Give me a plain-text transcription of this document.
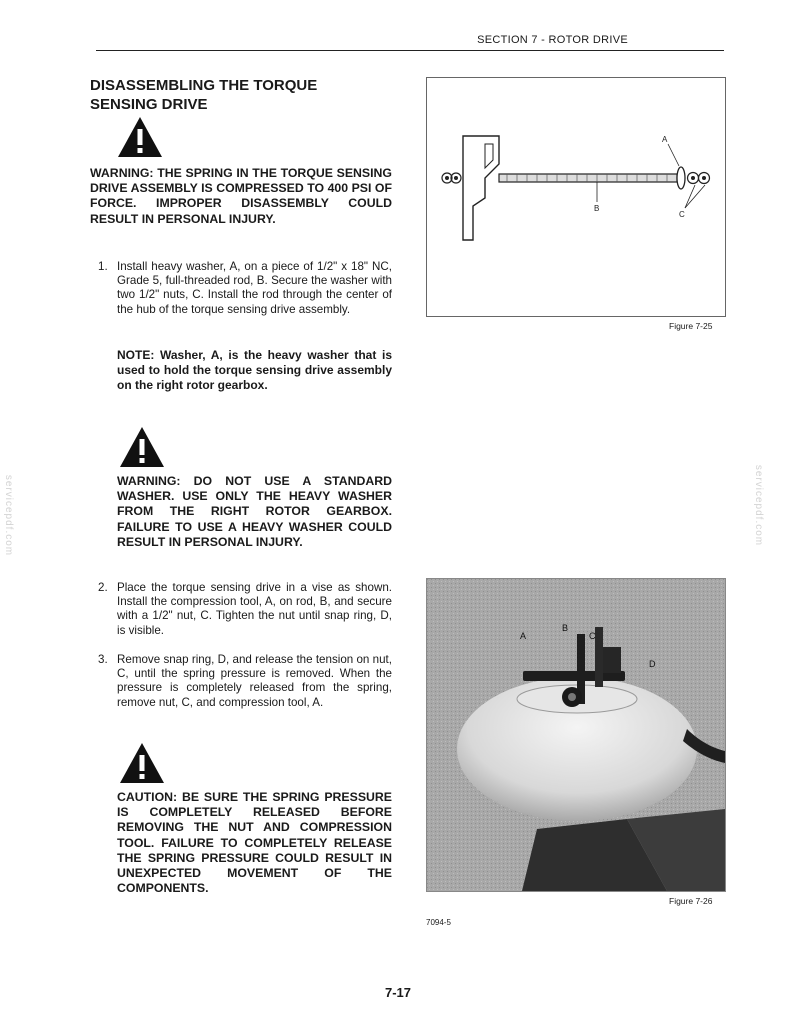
SECTION 7 - ROTOR DRIVE
servicepdf.com	servicepdf.com
DISASSEMBLING THE TORQUE
SENSING DRIVE
WARNING: THE SPRING IN THE TORQUE SENSING DRIVE ASSEMBLY IS COMPRESSED TO 400 PSI OF FORCE. IMPROPER DISASSEMBLY COULD RESULT IN PERSONAL INJURY.
1. Install heavy washer, A, on a piece of 1/2" x 18" NC, Grade 5, full-threaded rod, B. Secure the washer with two 1/2" nuts, C. Install the rod through the center of the hub of the torque sensing drive assembly.
NOTE: Washer, A, is the heavy washer that is used to hold the torque sensing drive assembly on the right rotor gearbox.
WARNING: DO NOT USE A STANDARD WASHER. USE ONLY THE HEAVY WASHER FROM THE RIGHT ROTOR GEARBOX. FAILURE TO USE A HEAVY WASHER COULD RESULT IN PERSONAL INJURY.
2. Place the torque sensing drive in a vise as shown. Install the compression tool, A, on rod, B, and secure with a 1/2" nut, C. Tighten the nut until snap ring, D, is visible.
3. Remove snap ring, D, and release the tension on nut, C, until the spring pressure is removed. When the pressure is completely released from the spring, remove nut, C, and compression tool, A.
CAUTION: BE SURE THE SPRING PRESSURE IS COMPLETELY RELEASED BEFORE REMOVING THE NUT AND COMPRESSION TOOL. FAILURE TO COMPLETELY RELEASE THE SPRING PRESSURE COULD RESULT IN UNEXPECTED MOVEMENT OF THE COMPONENTS.
A
B
C
Figure 7-25
A
B
C
D
Figure 7-26
7094-5
7-17
